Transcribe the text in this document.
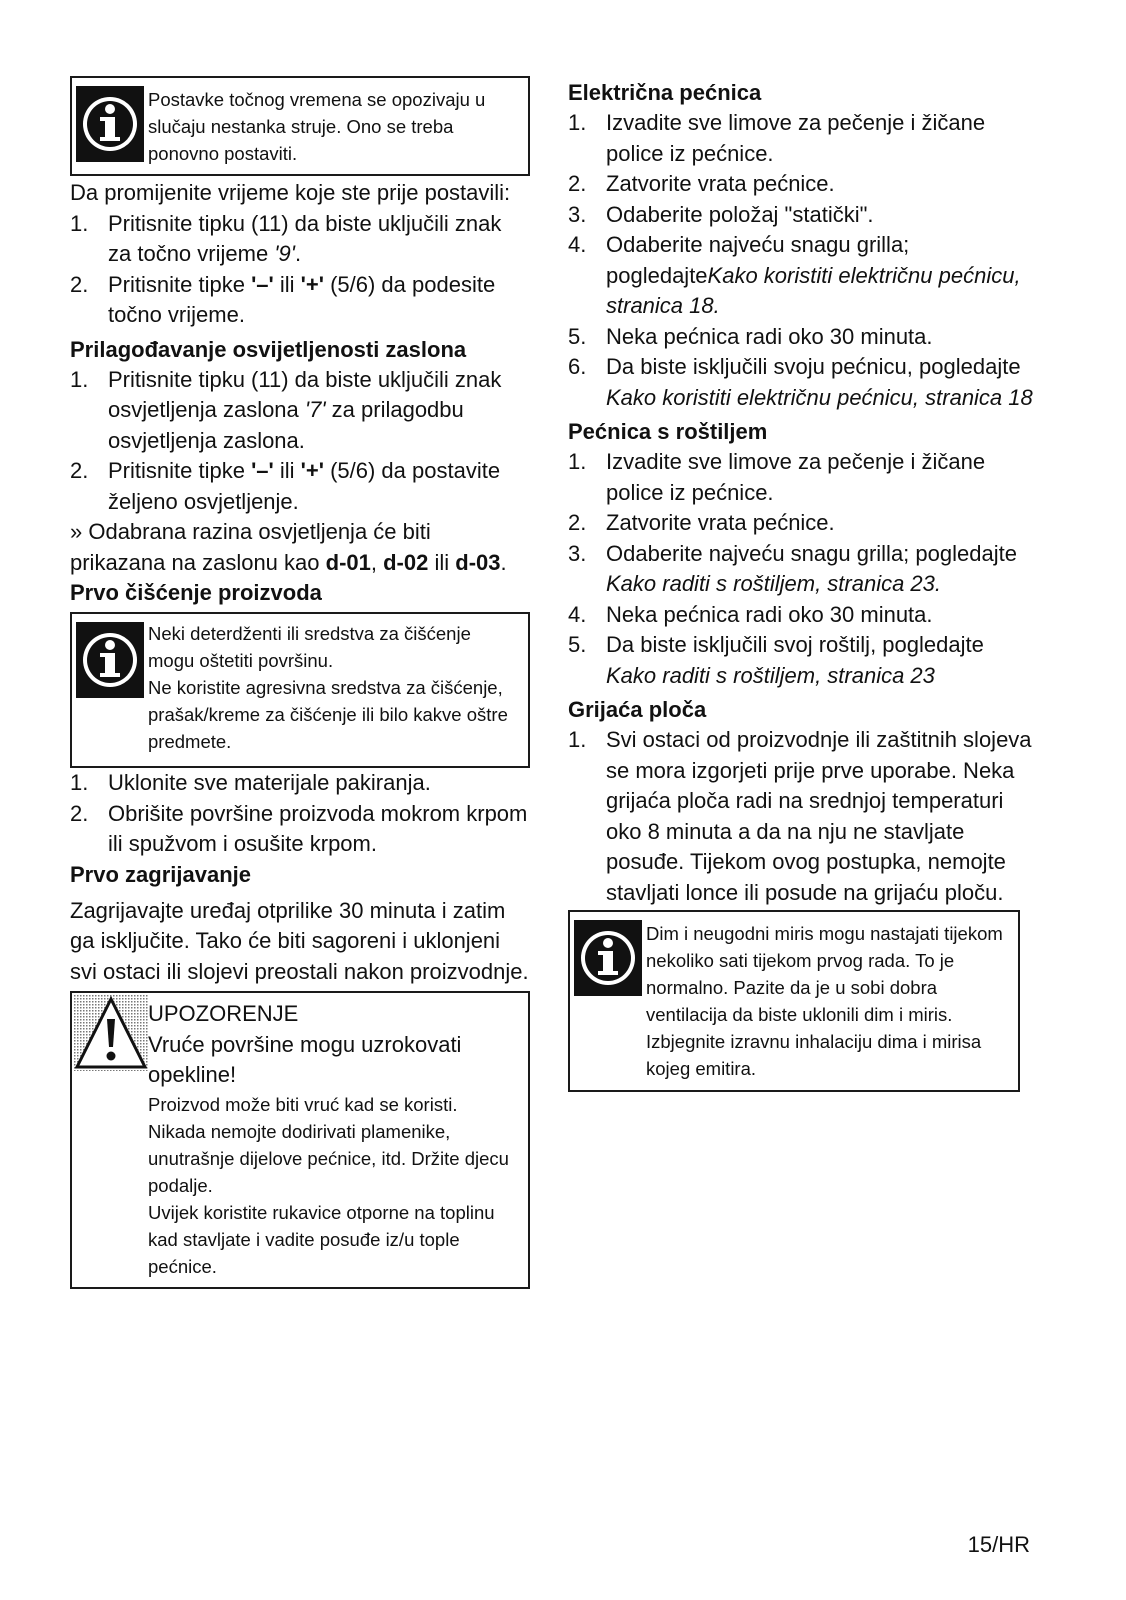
Postavke točnog vremena se opozivaju u slučaju nestanka struje. Ono se treba ponovno postaviti.

Da promijenite vrijeme koje ste prije postavili:

1. Pritisnite tipku (11) da biste uključili znak za točno vrijeme '9'.
2. Pritisnite tipke '–' ili '+' (5/6) da podesite točno vrijeme.
Prilagođavanje osvijetljenosti zaslona
1. Pritisnite tipku (11) da biste uključili znak osvjetljenja zaslona '7' za prilagodbu osvjetljenja zaslona.
2. Pritisnite tipke '–' ili '+' (5/6) da postavite željeno osvjetljenje.

» Odabrana razina osvjetljenja će biti prikazana na zaslonu kao d-01, d-02 ili d-03.

Prvo čišćenje proizvoda

Neki deterdženti ili sredstva za čišćenje mogu oštetiti površinu.

Ne koristite agresivna sredstva za čišćenje, prašak/kreme za čišćenje ili bilo kakve oštre predmete.

1. Uklonite sve materijale pakiranja.
2. Obrišite površine proizvoda mokrom krpom ili spužvom i osušite krpom.
Prvo zagrijavanje

Zagrijavajte uređaj otprilike 30 minuta i zatim ga isključite. Tako će biti sagoreni i uklonjeni svi ostaci ili slojevi preostali nakon proizvodnje.

UPOZORENJE

Vruće površine mogu uzrokovati opekline!

Proizvod može biti vruć kad se koristi. Nikada nemojte dodirivati plamenike, unutrašnje dijelove pećnice, itd. Držite djecu podalje.

Uvijek koristite rukavice otporne na toplinu kad stavljate i vadite posuđe iz/u tople pećnice.

Električna pećnica
1. Izvadite sve limove za pečenje i žičane police iz pećnice.
2. Zatvorite vrata pećnice.
3. Odaberite položaj "statički".
4. Odaberite najveću snagu grilla; pogledajteKako koristiti električnu pećnicu, stranica 18.
5. Neka pećnica radi oko 30 minuta.
6. Da biste isključili svoju pećnicu, pogledajte Kako koristiti električnu pećnicu, stranica 18
Pećnica s roštiljem
1. Izvadite sve limove za pečenje i žičane police iz pećnice.
2. Zatvorite vrata pećnice.
3. Odaberite najveću snagu grilla; pogledajte Kako raditi s roštiljem, stranica 23.
4. Neka pećnica radi oko 30 minuta.
5. Da biste isključili svoj roštilj, pogledajte Kako raditi s roštiljem, stranica 23
Grijaća ploča
1. Svi ostaci od proizvodnje ili zaštitnih slojeva se mora izgorjeti prije prve uporabe. Neka grijaća ploča radi na srednjoj temperaturi oko 8 minuta a da na nju ne stavljate posuđe. Tijekom ovog postupka, nemojte stavljati lonce ili posude na grijaću ploču.

Dim i neugodni miris mogu nastajati tijekom nekoliko sati tijekom prvog rada. To je normalno. Pazite da je u sobi dobra ventilacija da biste uklonili dim i miris. Izbjegnite izravnu inhalaciju dima i mirisa kojeg emitira.

15/HR
